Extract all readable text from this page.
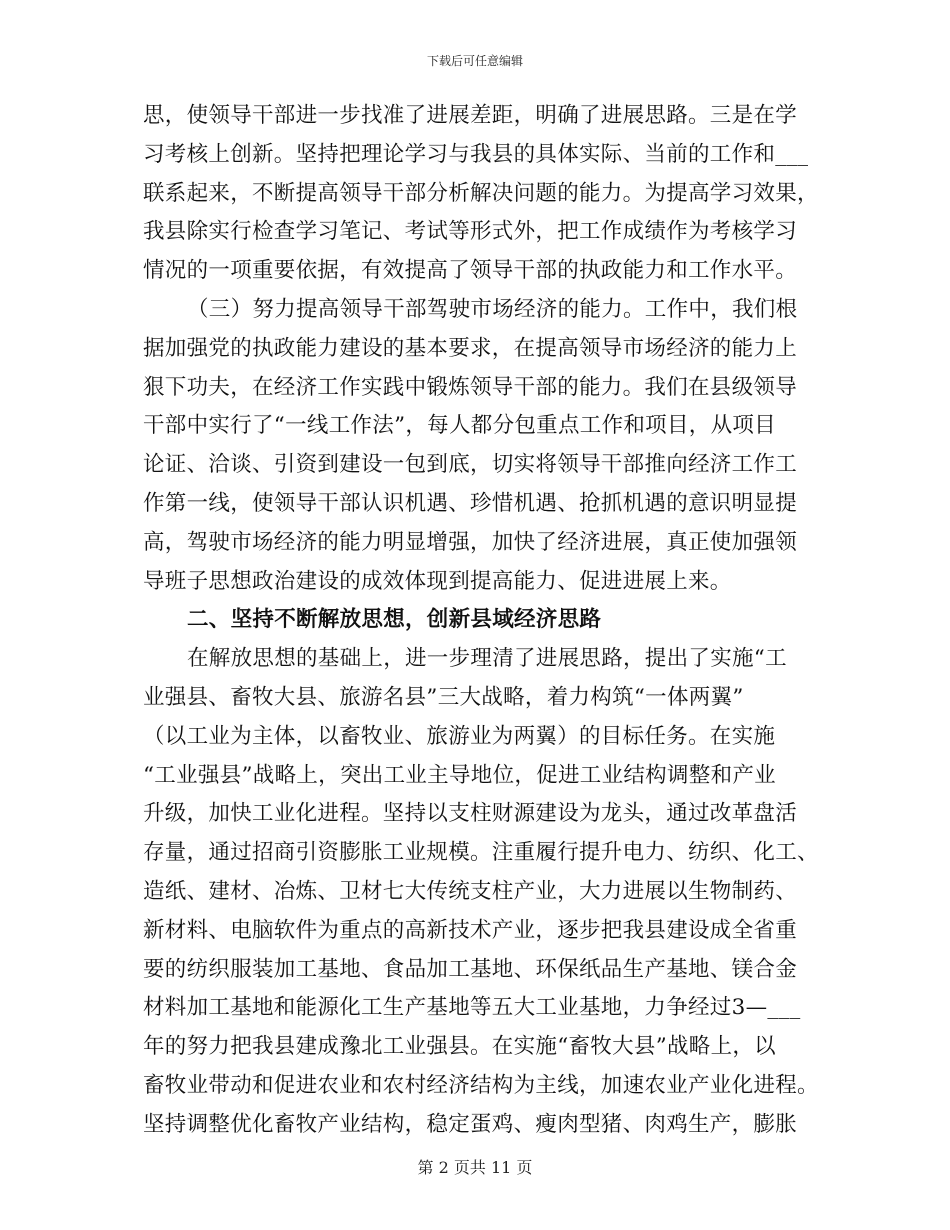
下载后可任意编辑
思，使领导干部进一步找准了进展差距，明确了进展思路。三是在学
习考核上创新。坚持把理论学习与我县的具体实际、当前的工作和___
联系起来，不断提高领导干部分析解决问题的能力。为提高学习效果，
我县除实行检查学习笔记、考试等形式外，把工作成绩作为考核学习
情况的一项重要依据，有效提高了领导干部的执政能力和工作水平。
（三）努力提高领导干部驾驶市场经济的能力。工作中，我们根
据加强党的执政能力建设的基本要求，在提高领导市场经济的能力上
狠下功夫，在经济工作实践中锻炼领导干部的能力。我们在县级领导
干部中实行了“一线工作法”，每人都分包重点工作和项目，从项目
论证、洽谈、引资到建设一包到底，切实将领导干部推向经济工作工
作第一线，使领导干部认识机遇、珍惜机遇、抢抓机遇的意识明显提
高，驾驶市场经济的能力明显增强，加快了经济进展，真正使加强领
导班子思想政治建设的成效体现到提高能力、促进进展上来。
二、坚持不断解放思想，创新县域经济思路
在解放思想的基础上，进一步理清了进展思路，提出了实施“工
业强县、畜牧大县、旅游名县”三大战略，着力构筑“一体两翼”
（以工业为主体，以畜牧业、旅游业为两翼）的目标任务。在实施
“工业强县”战略上，突出工业主导地位，促进工业结构调整和产业
升级，加快工业化进程。坚持以支柱财源建设为龙头，通过改革盘活
存量，通过招商引资膨胀工业规模。注重履行提升电力、纺织、化工、
造纸、建材、冶炼、卫材七大传统支柱产业，大力进展以生物制药、
新材料、电脑软件为重点的高新技术产业，逐步把我县建设成全省重
要的纺织服装加工基地、食品加工基地、环保纸品生产基地、镁合金
材料加工基地和能源化工生产基地等五大工业基地，力争经过3—___
年的努力把我县建成豫北工业强县。在实施“畜牧大县”战略上，以
畜牧业带动和促进农业和农村经济结构为主线，加速农业产业化进程。
坚持调整优化畜牧产业结构，稳定蛋鸡、瘦肉型猪、肉鸡生产，膨胀
第 2 页共 11 页
